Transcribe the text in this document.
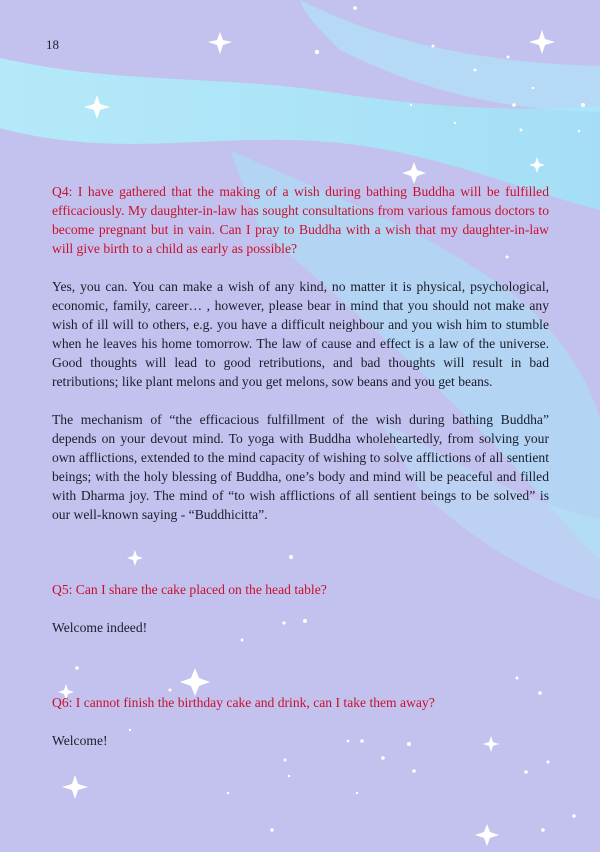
18

Q4: I have gathered that the making of a wish during bathing Buddha will be fulfilled efficaciously. My daughter-in-law has sought consultations from various famous doctors to become pregnant but in vain. Can I pray to Buddha with a wish that my daughter-in-law will give birth to a child as early as possible?

Yes, you can. You can make a wish of any kind, no matter it is physical, psychological, economic, family, career… , however, please bear in mind that you should not make any wish of ill will to others, e.g. you have a difficult neighbour and you wish him to stumble when he leaves his home tomorrow. The law of cause and effect is a law of the universe. Good thoughts will lead to good retributions, and bad thoughts will result in bad retributions; like plant melons and you get melons, sow beans and you get beans.

The mechanism of “the efficacious fulfillment of the wish during bathing Buddha” depends on your devout mind. To yoga with Buddha wholeheartedly, from solving your own afflictions, extended to the mind capacity of wishing to solve afflictions of all sentient beings; with the holy blessing of Buddha, one’s body and mind will be peaceful and filled with Dharma joy. The mind of “to wish afflictions of all sentient beings to be solved” is our well-known saying - “Buddhicitta”.

Q5: Can I share the cake placed on the head table?

Welcome indeed!

Q6: I cannot finish the birthday cake and drink, can I take them away?

Welcome!
